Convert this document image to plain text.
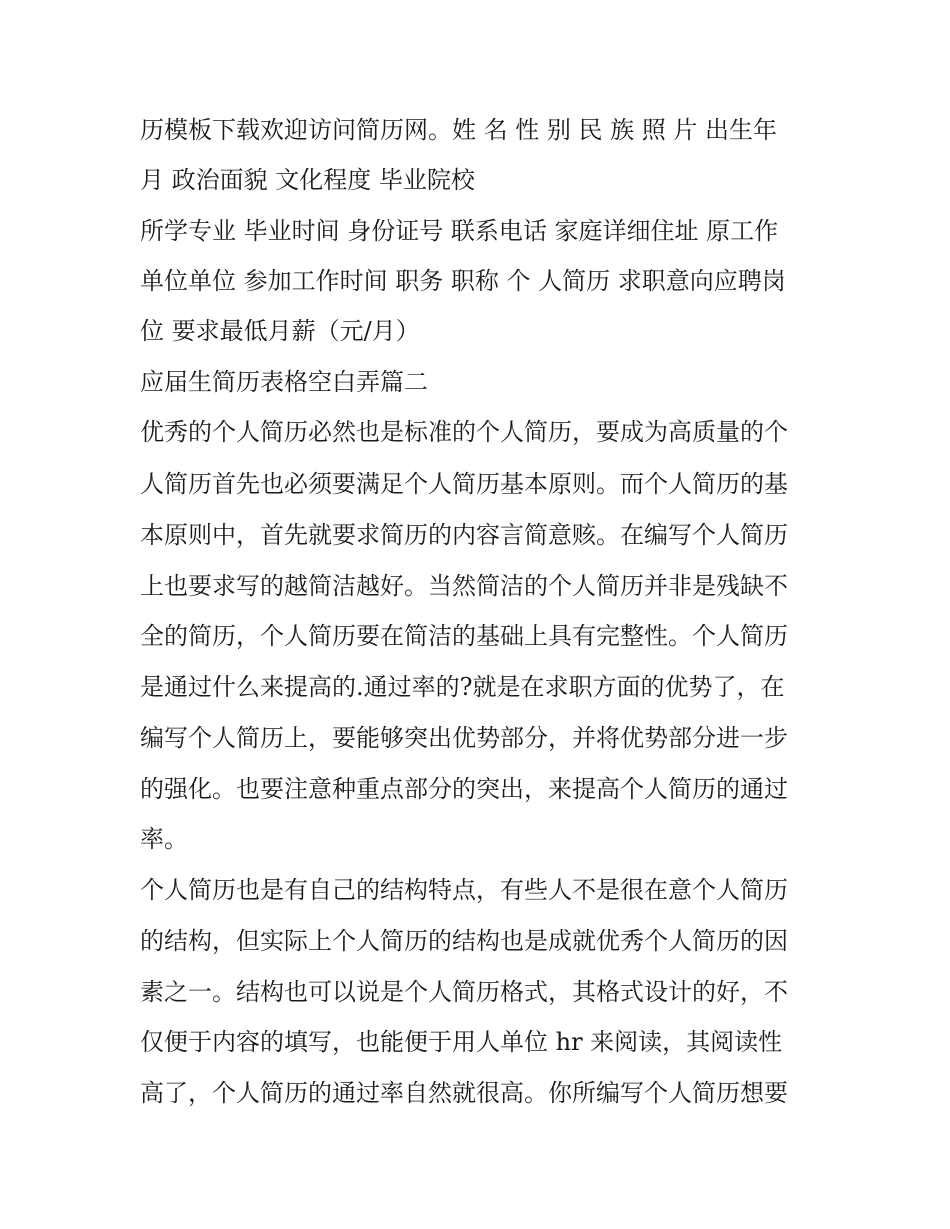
历模板下载欢迎访问简历网。姓 名 性 别 民 族 照 片 出生年
月 政治面貌 文化程度 毕业院校
所学专业 毕业时间 身份证号 联系电话 家庭详细住址 原工作
单位单位 参加工作时间 职务 职称 个 人简历 求职意向应聘岗
位 要求最低月薪（元/月）
应届生简历表格空白弄篇二
优秀的个人简历必然也是标准的个人简历，要成为高质量的个
人简历首先也必须要满足个人简历基本原则。而个人简历的基
本原则中，首先就要求简历的内容言简意赅。在编写个人简历
上也要求写的越简洁越好。当然简洁的个人简历并非是残缺不
全的简历，个人简历要在简洁的基础上具有完整性。个人简历
是通过什么来提高的.通过率的?就是在求职方面的优势了，在
编写个人简历上，要能够突出优势部分，并将优势部分进一步
的强化。也要注意种重点部分的突出，来提高个人简历的通过
率。
个人简历也是有自己的结构特点，有些人不是很在意个人简历
的结构，但实际上个人简历的结构也是成就优秀个人简历的因
素之一。结构也可以说是个人简历格式，其格式设计的好，不
仅便于内容的填写，也能便于用人单位 hr 来阅读，其阅读性
高了，个人简历的通过率自然就很高。你所编写个人简历想要
